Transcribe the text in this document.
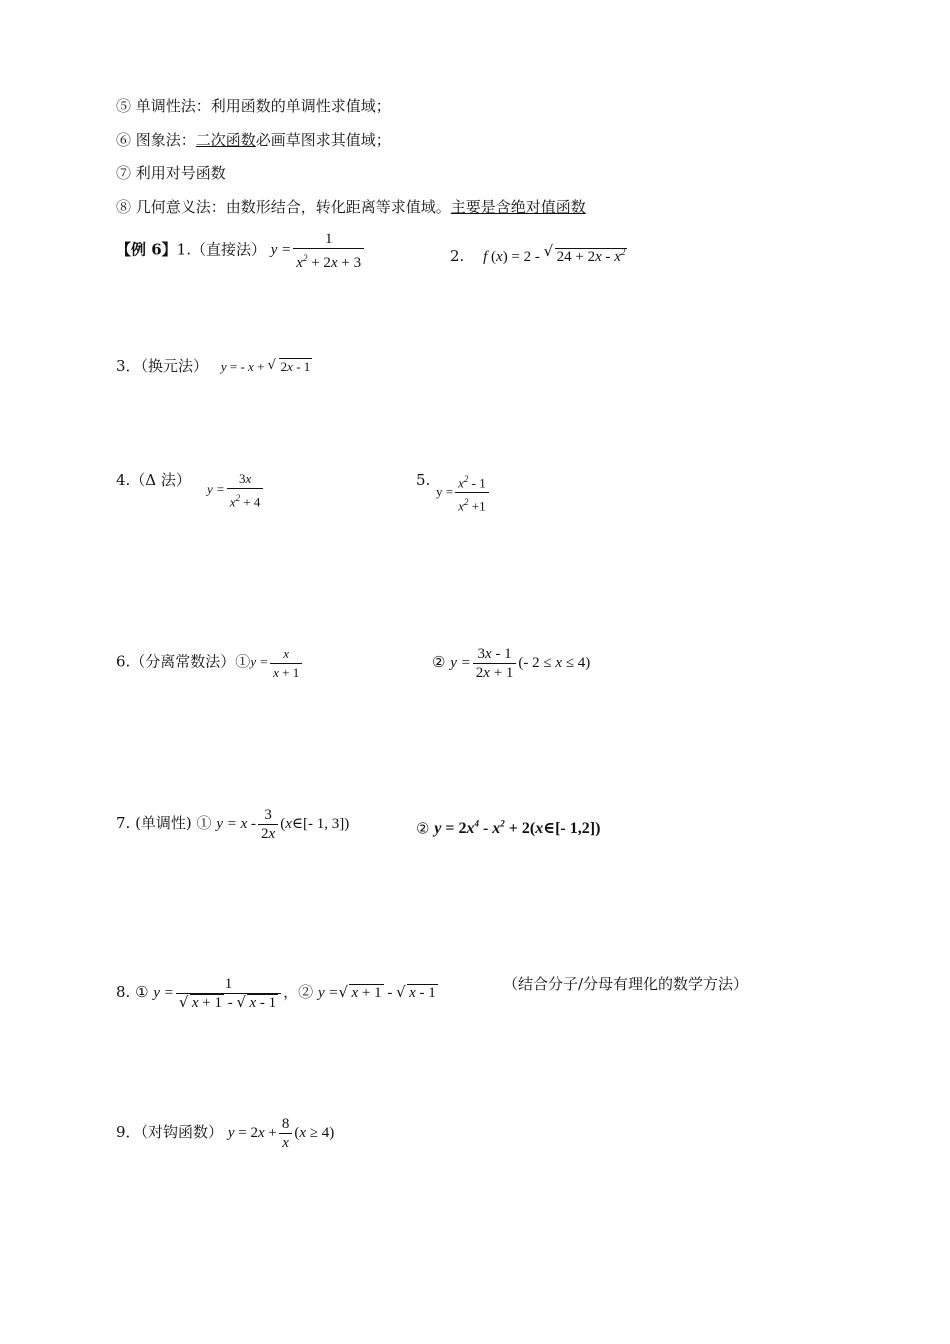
⑤ 单调性法：利用函数的单调性求值域；
⑥ 图象法：二次函数必画草图求其值域；
⑦ 利用对号函数
⑧ 几何意义法：由数形结合，转化距离等求值域。主要是含绝对值函数
【例 6】1.（直接法） $y = \frac{1}{x^2 + 2x + 3}$	2. f (x) = 2 - √ $24 + 2x - x^2$
3．（换元法） y = - x + √ 2x - 1
4.（Δ 法）
$y = \frac{3x}{x^2 + 4}$	5.
$y = \frac{x^2 - 1}{x^2 +1}$
6.（分离常数法）①y = $\frac{x}{x + 1}$	② $y = \frac{3x - 1}{2x + 1}$ (- 2 ≤ x ≤ 4)
7. (单调性) ① $y = x - \frac{3}{2x}$ (x∈[- 1, 3])	② $y = 2x^4 - x^2$ + 2(x∈[- 1,2])
8. ① y = 1
√ x + 1 - √ x - 1 ，② y = √ x + 1 - √ x - 1	（结合分子/分母有理化的数学方法）
9．（对钩函数） $y = 2x + \frac{8}{x} (x \ge 4)$
